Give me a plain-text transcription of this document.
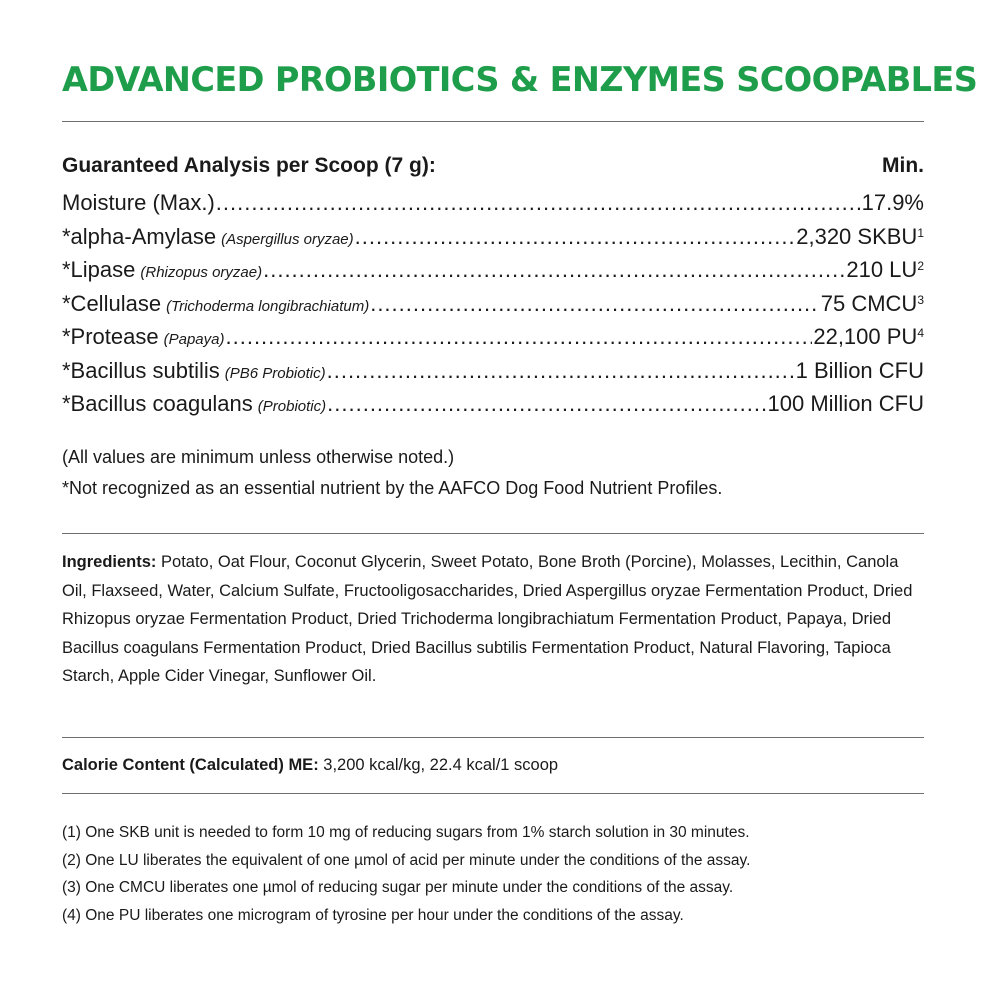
ADVANCED PROBIOTICS & ENZYMES SCOOPABLES
Guaranteed Analysis per Scoop (7 g):	Min.
Moisture (Max.) .....	17.9%
*alpha-Amylase (Aspergillus oryzae) .....	2,320 SKBU$^1$
*Lipase (Rhizopus oryzae) .....	210 $LU^2$
*Cellulase (Trichoderma longibrachiatum) .....	75 CMCU$^3$
*Protease (Papaya) .....	22,100 $PU^4$
*Bacillus subtilis (PB6 Probiotic) .....	1 Billion CFU
*Bacillus coagulans (Probiotic) .....	100 Million CFU
(All values are minimum unless otherwise noted.)
*Not recognized as an essential nutrient by the AAFCO Dog Food Nutrient Profiles.
Ingredients: Potato, Oat Flour, Coconut Glycerin, Sweet Potato, Bone Broth (Porcine), Molasses, Lecithin, Canola Oil, Flaxseed, Water, Calcium Sulfate, Fructooligosaccharides, Dried Aspergillus oryzae Fermentation Product, Dried Rhizopus oryzae Fermentation Product, Dried Trichoderma longibrachiatum Fermentation Product, Papaya, Dried Bacillus coagulans Fermentation Product, Dried Bacillus subtilis Fermentation Product, Natural Flavoring, Tapioca Starch, Apple Cider Vinegar, Sunflower Oil.
Calorie Content (Calculated) ME: 3,200 kcal/kg, 22.4 kcal/1 scoop
(1) One SKB unit is needed to form 10 mg of reducing sugars from 1% starch solution in 30 minutes.
(2) One LU liberates the equivalent of one µmol of acid per minute under the conditions of the assay.
(3) One CMCU liberates one µmol of reducing sugar per minute under the conditions of the assay.
(4) One PU liberates one microgram of tyrosine per hour under the conditions of the assay.
